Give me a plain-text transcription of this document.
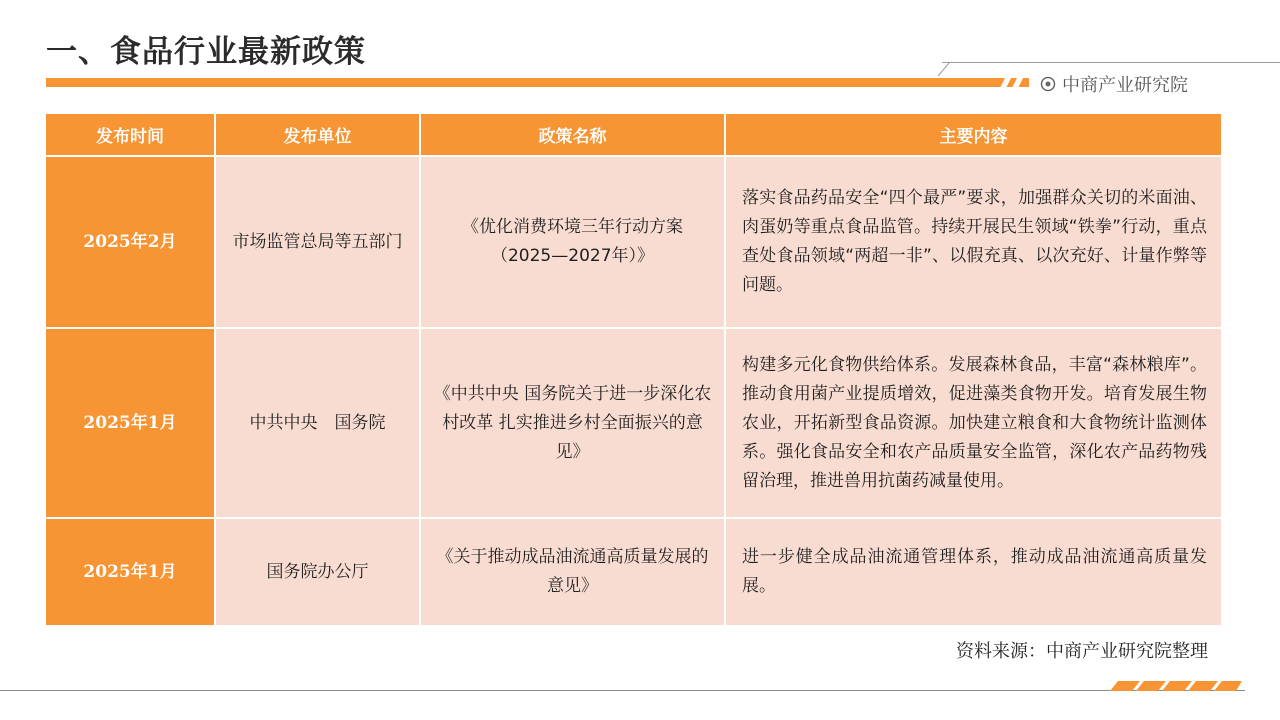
一、食品行业最新政策
中商产业研究院
发布时间	发布单位	政策名称	主要内容
2025年2月	市场监管总局等五部门	《优化消费环境三年行动方案（2025—2027年）》	落实食品药品安全“四个最严”要求，加强群众关切的米面油、肉蛋奶等重点食品监管。持续开展民生领域“铁拳”行动，重点查处食品领域“两超一非”、以假充真、以次充好、计量作弊等问题。
2025年1月	中共中央　国务院	《中共中央 国务院关于进一步深化农村改革 扎实推进乡村全面振兴的意见》	构建多元化食物供给体系。发展森林食品，丰富“森林粮库”。推动食用菌产业提质增效，促进藻类食物开发。培育发展生物农业，开拓新型食品资源。加快建立粮食和大食物统计监测体系。强化食品安全和农产品质量安全监管，深化农产品药物残留治理，推进兽用抗菌药减量使用。
2025年1月	国务院办公厅	《关于推动成品油流通高质量发展的意见》	进一步健全成品油流通管理体系，推动成品油流通高质量发展。
资料来源：中商产业研究院整理
